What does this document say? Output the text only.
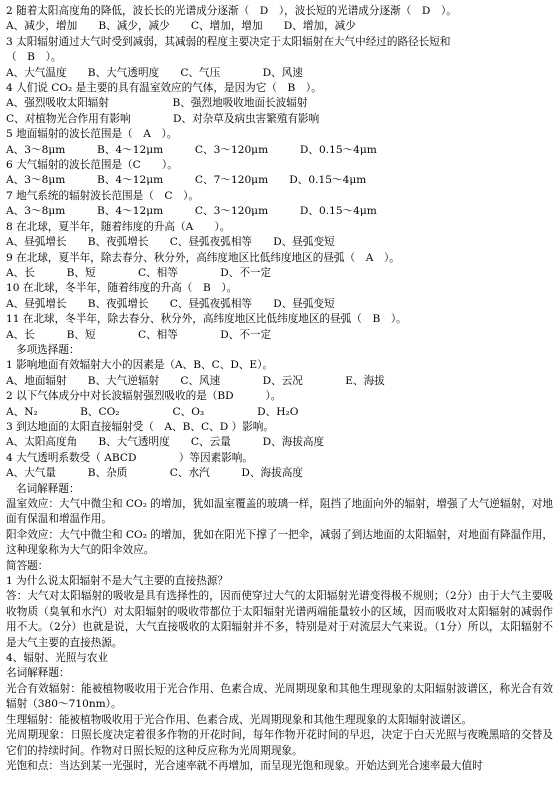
2 随着太阳高度角的降低，波长长的光谱成分逐渐（　D　），波长短的光谱成分逐渐（　D　）。
A、减少，增加　　B、减少，减少　　C、增加，增加　　D、增加，减少
3 太阳辐射通过大气时受到减弱，其减弱的程度主要决定于太阳辐射在大气中经过的路径长短和
（　B　）。
A、大气温度　　B、大气透明度　　C、气压　　　　D、风速
4 人们说 CO₂ 是主要的具有温室效应的气体，是因为它（　B　）。
A、强烈吸收太阳辐射　　　　　　B、强烈地吸收地面长波辐射
C、对植物光合作用有影响　　　　D、对杂草及病虫害繁殖有影响
5 地面辐射的波长范围是（　A　）。
A、3～8μm　　　B、4～12μm　　　C、3～120μm　　　D、0.15～4μm
6 大气辐射的波长范围是（C　　）。
A、3～8μm　　　B、4～12μm　　　C、7～120μm　　D、0.15～4μm
7 地气系统的辐射波长范围是（　C　）。
A、3～8μm　　　B、4～12μm　　　C、3～120μm　　　D、0.15～4μm
8 在北球，夏半年，随着纬度的升高（A　　）。
A、昼弧增长　　B、夜弧增长　　C、昼弧夜弧相等　　D、昼弧变短
9 在北球，夏半年，除去春分、秋分外，高纬度地区比低纬度地区的昼弧（　A　）。
A、长　　　B、短　　　　C、相等　　　　D、不一定
10 在北球，冬半年，随着纬度的升高（　B　）。
A、昼弧增长　　B、夜弧增长　　C、昼弧夜弧相等　　D、昼弧变短
11 在北球，冬半年，除去春分、秋分外，高纬度地区比低纬度地区的昼弧（　B　）。
A、长　　　B、短　　　　C、相等　　　　D、不一定
多项选择题：
1 影响地面有效辐射大小的因素是（A、B、C、D、E）。
A、地面辐射　　B、大气逆辐射　　C、风速　　　　D、云况　　　　E、海拔
2 以下气体成分中对长波辐射强烈吸收的是（BD　　　）。
A、N₂　　　　B、CO₂　　　　　C、O₃　　　　　D、H₂O
3 到达地面的太阳直接辐射受（　A、B、C、D ）影响。
A、太阳高度角　　B、大气透明度　　C、云量　　　D、海拔高度
4 大气透明系数受（ ABCD　　　　）等因素影响。
A、大气量　　　B、杂质　　　　C、水汽　　　D、海拔高度
名词解释题：
温室效应：大气中微尘和 CO₂ 的增加，犹如温室覆盖的玻璃一样，阻挡了地面向外的辐射，增强了大气逆辐射，对地面有保温和增温作用。
阳伞效应：大气中微尘和 CO₂ 的增加，犹如在阳光下撑了一把伞，减弱了到达地面的太阳辐射，对地面有降温作用，这种现象称为大气的阳伞效应。
简答题：
1 为什么说太阳辐射不是大气主要的直接热源？
答：大气对太阳辐射的吸收是具有选择性的，因而使穿过大气的太阳辐射光谱变得极不规则；（2分）由于大气主要吸收物质（臭氧和水汽）对太阳辐射的吸收带都位于太阳辐射光谱两端能量较小的区域，因而吸收对太阳辐射的减弱作用不大。（2分）也就是说，大气直接吸收的太阳辐射并不多，特别是对于对流层大气来说。（1分）所以，太阳辐射不是大气主要的直接热源。
4、辐射、光照与农业
名词解释题：
光合有效辐射：能被植物吸收用于光合作用、色素合成、光周期现象和其他生理现象的太阳辐射波谱区，称光合有效辐射（380～710nm）。
生理辐射：能被植物吸收用于光合作用、色素合成、光周期现象和其他生理现象的太阳辐射波谱区。
光周期现象：日照长度决定着很多作物的开花时间，每年作物开花时间的早迟，决定于白天光照与夜晚黑暗的交替及它们的持续时间。作物对日照长短的这种反应称为光周期现象。
光饱和点：当达到某一光强时，光合速率就不再增加，而呈现光饱和现象。开始达到光合速率最大值时
